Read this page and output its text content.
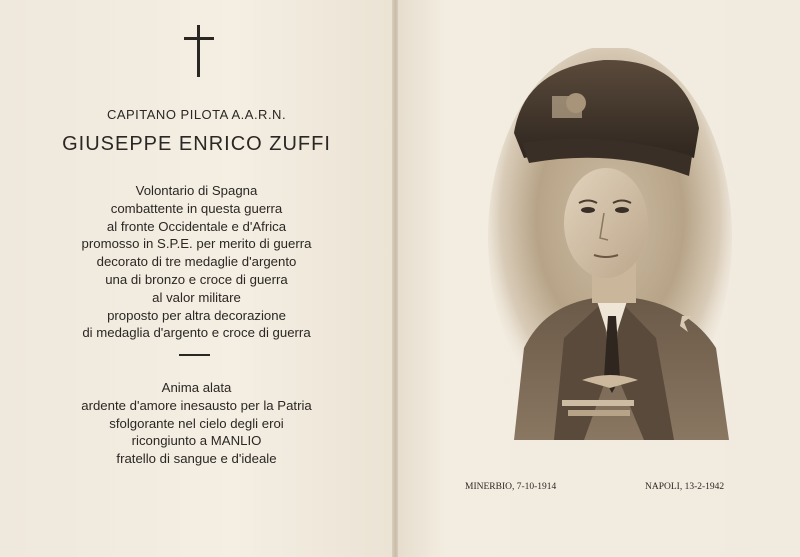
CAPITANO PILOTA A.A.R.N.
GIUSEPPE ENRICO ZUFFI
Volontario di Spagna
combattente in questa guerra
al fronte Occidentale e d'Africa
promosso in S.P.E. per merito di guerra
decorato di tre medaglie d'argento
una di bronzo e croce di guerra
al valor militare
proposto per altra decorazione
di medaglia d'argento e croce di guerra
Anima alata
ardente d'amore inesausto per la Patria
sfolgorante nel cielo degli eroi
ricongiunto a MANLIO
fratello di sangue e d'ideale
MINERBIO, 7-10-1914	NAPOLI, 13-2-1942
